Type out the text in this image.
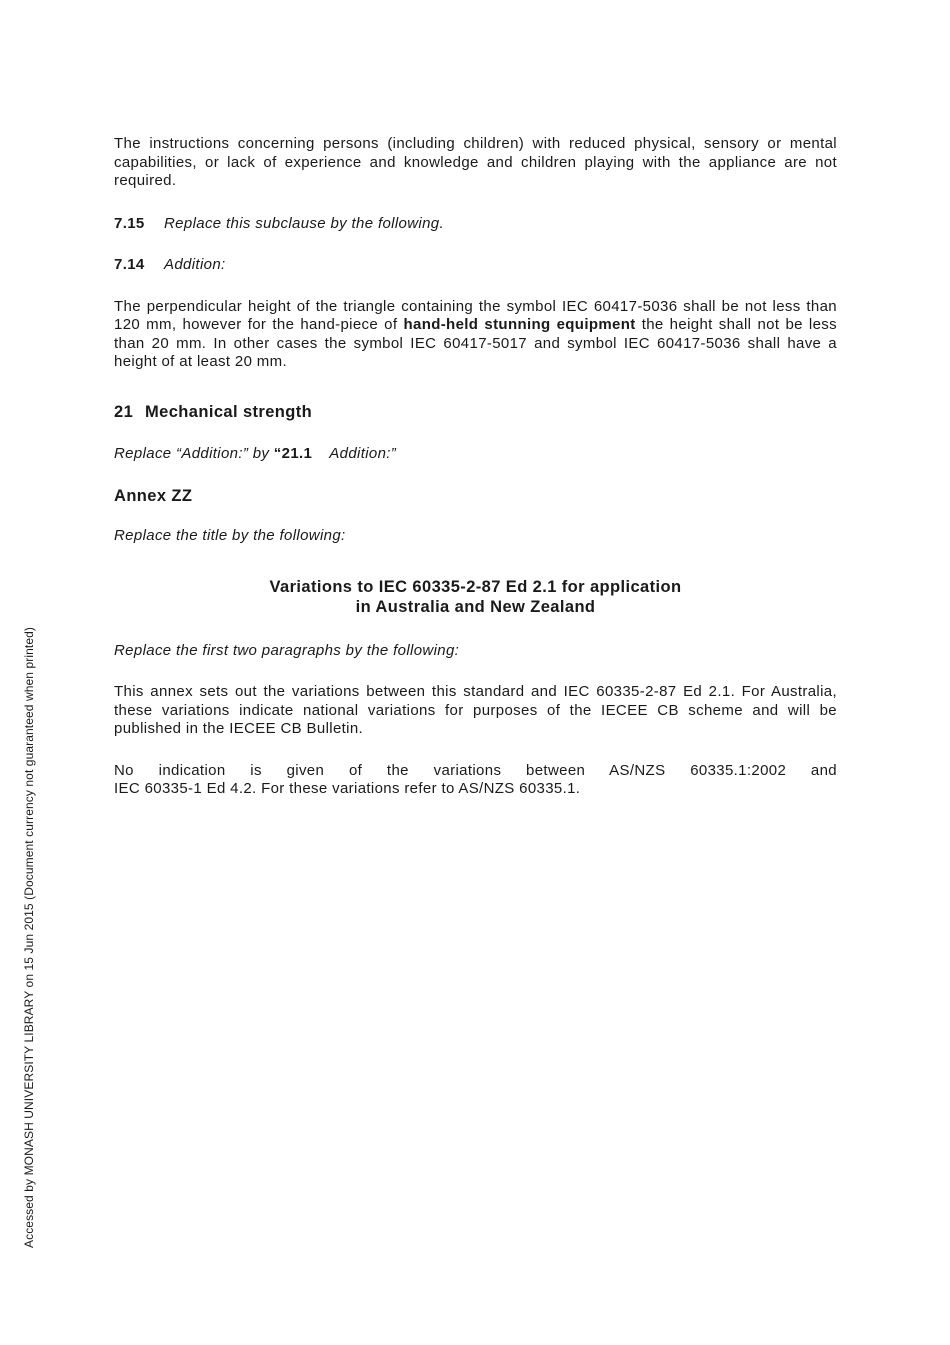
The instructions concerning persons (including children) with reduced physical, sensory or mental capabilities, or lack of experience and knowledge and children playing with the appliance are not required.

7.15 Replace this subclause by the following.

7.14 Addition:

The perpendicular height of the triangle containing the symbol IEC 60417-5036 shall be not less than 120 mm, however for the hand-piece of hand-held stunning equipment the height shall not be less than 20 mm. In other cases the symbol IEC 60417-5017 and symbol IEC 60417-5036 shall have a height of at least 20 mm.

21 Mechanical strength

Replace “Addition:” by “21.1 Addition:”

Annex ZZ

Replace the title by the following:

Variations to IEC 60335-2-87 Ed 2.1 for application
in Australia and New Zealand

Replace the first two paragraphs by the following:

This annex sets out the variations between this standard and IEC 60335-2-87 Ed 2.1. For Australia, these variations indicate national variations for purposes of the IECEE CB scheme and will be published in the IECEE CB Bulletin.

No indication is given of the variations between AS/NZS 60335.1:2002 and

IEC 60335-1 Ed 4.2. For these variations refer to AS/NZS 60335.1.

Accessed by MONASH UNIVERSITY LIBRARY on 15 Jun 2015 (Document currency not guaranteed when printed)
